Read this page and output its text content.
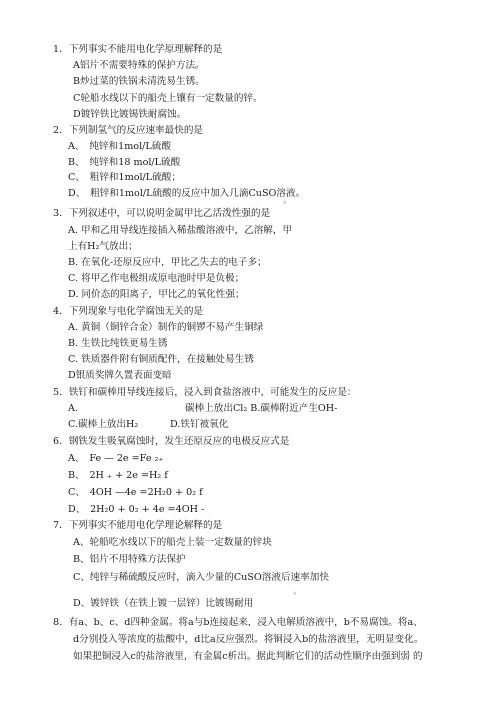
1．下列事实不能用电化学原理解释的是
A铝片不需要特殊的保护方法。
B炒过菜的铁锅未清洗易生锈。
C轮船水线以下的船壳上镶有一定数量的锌。
D镀锌铁比镀锡铁耐腐蚀。
2．下列制氢气的反应速率最快的是
A、　纯锌和1mol/L硫酸
B、　纯锌和18 mol/L硫酸
C、　粗锌和1mol/L硫酸；
D、　粗锌和1mol/L硫酸的反应中加入几滴CuSO溶液。
4
3．下列叙述中，可以说明金属甲比乙活泼性强的是
A. 甲和乙用导线连接插入稀盐酸溶液中，乙溶解，甲
上有H₂气放出；
B. 在氧化-还原反应中，甲比乙失去的电子多；
C. 将甲乙作电极组成原电池时甲是负极；
D. 同价态的阳离子，甲比乙的氧化性强；
4．下列现象与电化学腐蚀无关的是
A. 黄铜（铜锌合金）制作的铜锣不易产生铜绿
B. 生铁比纯铁更易生锈
C. 铁质器件附有铜质配件，在接触处易生锈
D银质奖牌久置表面变暗
5．铁钉和碳棒用导线连接后，浸入到食盐溶液中，可能发生的反应是：
A.	碳棒上放出Cl₂ B.碳棒附近产生OH-
C.碳棒上放出H₂	D.铁钉被氧化
6．钢铁发生吸氧腐蚀时，发生还原反应的电极反应式是
A、　Fe — 2e =Fe ₂₊
B、　2H ₊ + 2e =H₂ f
C、　4OH —4e =2H₂0 + 0₂ f
D、　2H₂0 + 0₂ + 4e =4OH -
7．下列事实不能用电化学理论解释的是
A、轮船吃水线以下的船壳上装一定数量的锌块
B、铝片不用特殊方法保护
C、纯锌与稀硫酸反应时，滴入少量的CuSO溶液后速率加快
4
D、镀锌铁（在铁上镀一层锌）比镀锡耐用
8．有a、b、c、d四种金属。将a与b连接起来，浸入电解质溶液中，b不易腐蚀。将a、
d分别投入等浓度的盐酸中，d比a反应强烈。将铜浸入b的盐溶液里，无明显变化。
如果把铜浸入c的盐溶液里，有金属c析出。据此判断它们的活动性顺序由强到弱 的
